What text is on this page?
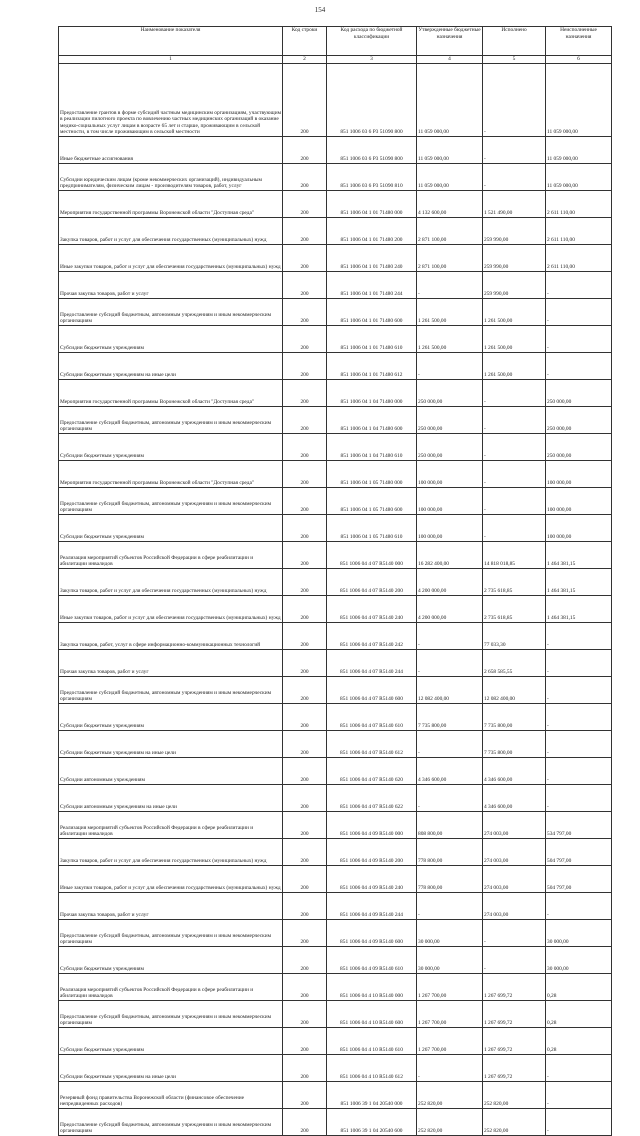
154
Наименование показателя	Код строки	Код расхода по бюджетной классификации	Утвержденные бюджетные назначения	Исполнено	Неисполненные назначения
1	2	3	4	5	6
Предоставление грантов в форме субсидий частным медицинским организациям, участвующим в реализации пилотного проекта по вовлечению частных медицинских организаций в оказание медико-социальных услуг лицам в возрасте 65 лет и старше, проживающим в сельской местности, в том числе проживающим в сельской местности	200	851 1006 03 6 P3 51090 800	11 059 000,00	-	11 059 000,00
Иные бюджетные ассигнования	200	851 1006 03 6 P3 51090 800	11 059 000,00	-	11 059 000,00
Субсидии юридическим лицам (кроме некоммерческих организаций), индивидуальным предпринимателям, физическим лицам - производителям товаров, работ, услуг	200	851 1006 03 6 P3 51090 810	11 059 000,00	-	11 059 000,00
Мероприятия государственной программы Воронежской области "Доступная среда"	200	851 1006 04 1 01 71480 000	4 132 600,00	1 521 490,00	2 611 110,00
Закупка товаров, работ и услуг для обеспечения государственных (муниципальных) нужд	200	851 1006 04 1 01 71480 200	2 871 100,00	259 990,00	2 611 110,00
Иные закупки товаров, работ и услуг для обеспечения государственных (муниципальных) нужд	200	851 1006 04 1 01 71480 240	2 871 100,00	259 990,00	2 611 110,00
Прочая закупка товаров, работ и услуг	200	851 1006 04 1 01 71480 244	-	259 990,00	-
Предоставление субсидий бюджетным, автономным учреждениям и иным некоммерческим организациям	200	851 1006 04 1 01 71480 600	1 261 500,00	1 261 500,00	-
Субсидии бюджетным учреждениям	200	851 1006 04 1 01 71480 610	1 261 500,00	1 261 500,00	-
Субсидии бюджетным учреждениям на иные цели	200	851 1006 04 1 01 71480 612	-	1 261 500,00	-
Мероприятия государственной программы Воронежской области "Доступная среда"	200	851 1006 04 1 04 71480 000	250 000,00	-	250 000,00
Предоставление субсидий бюджетным, автономным учреждениям и иным некоммерческим организациям	200	851 1006 04 1 04 71480 600	250 000,00	-	250 000,00
Субсидии бюджетным учреждениям	200	851 1006 04 1 04 71480 610	250 000,00	-	250 000,00
Мероприятия государственной программы Воронежской области "Доступная среда"	200	851 1006 04 1 05 71480 000	100 000,00	-	100 000,00
Предоставление субсидий бюджетным, автономным учреждениям и иным некоммерческим организациям	200	851 1006 04 1 05 71480 600	100 000,00	-	100 000,00
Субсидии бюджетным учреждениям	200	851 1006 04 1 05 71480 610	100 000,00	-	100 000,00
Реализация мероприятий субъектов Российской Федерации в сфере реабилитации и абилитации инвалидов	200	851 1006 04 4 07 R5140 000	16 282 400,00	14 818 018,85	1 464 381,15
Закупка товаров, работ и услуг для обеспечения государственных (муниципальных) нужд	200	851 1006 04 4 07 R5140 200	4 200 000,00	2 735 618,85	1 464 381,15
Иные закупки товаров, работ и услуг для обеспечения государственных (муниципальных) нужд	200	851 1006 04 4 07 R5140 240	4 200 000,00	2 735 618,85	1 464 381,15
Закупка товаров, работ, услуг в сфере информационно-коммуникационных технологий	200	851 1006 04 4 07 R5140 242	-	77 033,30	-
Прочая закупка товаров, работ и услуг	200	851 1006 04 4 07 R5140 244	-	2 658 585,55	-
Предоставление субсидий бюджетным, автономным учреждениям и иным некоммерческим организациям	200	851 1006 04 4 07 R5140 600	12 082 400,00	12 082 400,00	-
Субсидии бюджетным учреждениям	200	851 1006 04 4 07 R5140 610	7 735 800,00	7 735 800,00	-
Субсидии бюджетным учреждениям на иные цели	200	851 1006 04 4 07 R5140 612	-	7 735 800,00	-
Субсидии автономным учреждениям	200	851 1006 04 4 07 R5140 620	4 346 600,00	4 346 600,00	-
Субсидии автономным учреждениям на иные цели	200	851 1006 04 4 07 R5140 622	-	4 346 600,00	-
Реализация мероприятий субъектов Российской Федерации в сфере реабилитации и абилитации инвалидов	200	851 1006 04 4 09 R5140 000	808 800,00	274 003,00	534 797,00
Закупка товаров, работ и услуг для обеспечения государственных (муниципальных) нужд	200	851 1006 04 4 09 R5140 200	778 800,00	274 003,00	504 797,00
Иные закупки товаров, работ и услуг для обеспечения государственных (муниципальных) нужд	200	851 1006 04 4 09 R5140 240	778 800,00	274 003,00	504 797,00
Прочая закупка товаров, работ и услуг	200	851 1006 04 4 09 R5140 244	-	274 003,00	-
Предоставление субсидий бюджетным, автономным учреждениям и иным некоммерческим организациям	200	851 1006 04 4 09 R5140 600	30 000,00	-	30 000,00
Субсидии бюджетным учреждениям	200	851 1006 04 4 09 R5140 610	30 000,00	-	30 000,00
Реализация мероприятий субъектов Российской Федерации в сфере реабилитации и абилитации инвалидов	200	851 1006 04 4 10 R5140 000	1 267 700,00	1 267 699,72	0,28
Предоставление субсидий бюджетным, автономным учреждениям и иным некоммерческим организациям	200	851 1006 04 4 10 R5140 600	1 267 700,00	1 267 699,72	0,28
Субсидии бюджетным учреждениям	200	851 1006 04 4 10 R5140 610	1 267 700,00	1 267 699,72	0,28
Субсидии бюджетным учреждениям на иные цели	200	851 1006 04 4 10 R5140 612	-	1 267 699,72	-
Резервный фонд правительства Воронежской области (финансовое обеспечение непредвиденных расходов)	200	851 1006 39 1 04 20540 000	252 820,00	252 820,00	-
Предоставление субсидий бюджетным, автономным учреждениям и иным некоммерческим организациям	200	851 1006 39 1 04 20540 600	252 820,00	252 820,00	-
